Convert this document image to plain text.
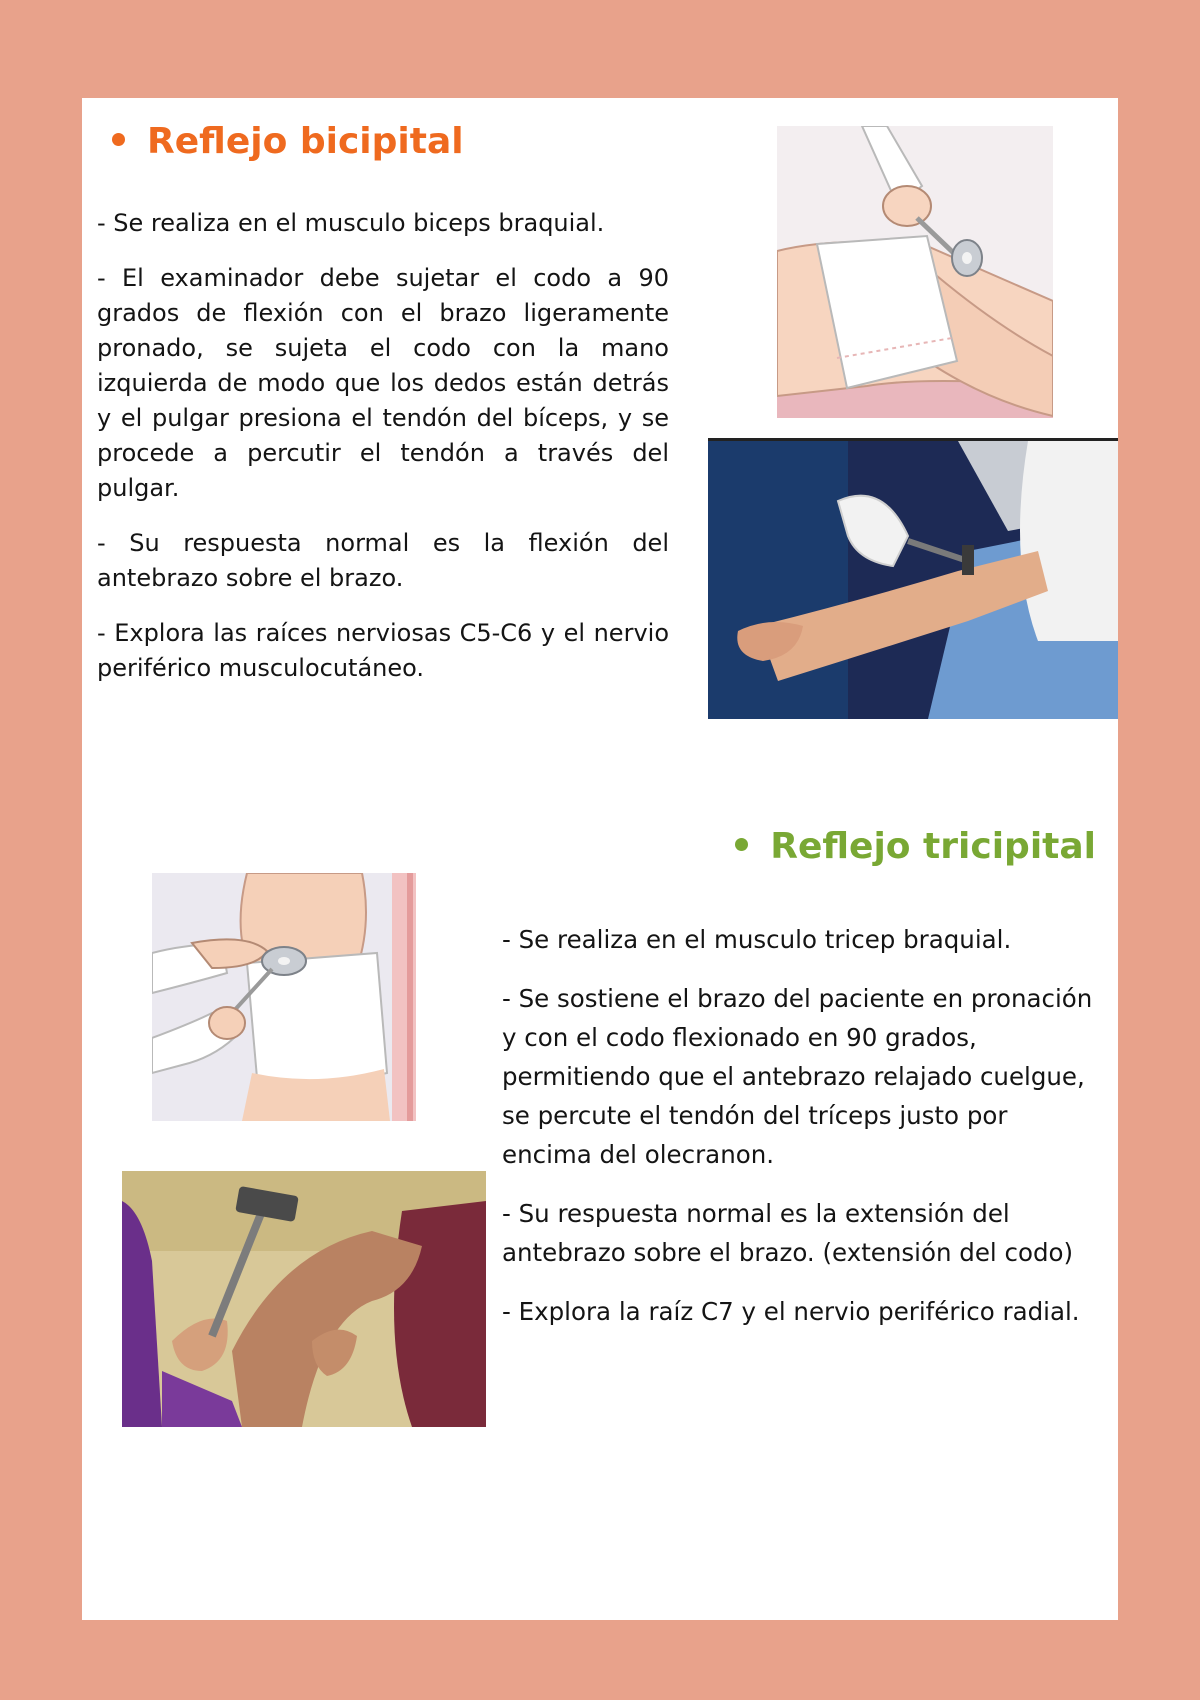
Reflejo bicipital

- Se realiza en el musculo biceps braquial.

- El examinador debe sujetar el codo a 90 grados de flexión con el brazo ligeramente pronado, se sujeta el codo con la mano izquierda de modo que los dedos están detrás y el pulgar presiona el tendón del bíceps, y se procede a percutir el tendón a través del pulgar.

- Su respuesta normal es la flexión del antebrazo sobre el brazo.

- Explora las raíces nerviosas C5-C6 y el nervio periférico musculocutáneo.

Reflejo tricipital

- Se realiza en el musculo tricep braquial.

- Se sostiene el brazo del paciente en pronación y con el codo flexionado en 90 grados, permitiendo que el antebrazo relajado cuelgue, se percute el tendón del tríceps justo por encima del olecranon.

- Su respuesta normal es la extensión del antebrazo sobre el brazo. (extensión del codo)

- Explora la raíz C7 y el nervio periférico radial.
